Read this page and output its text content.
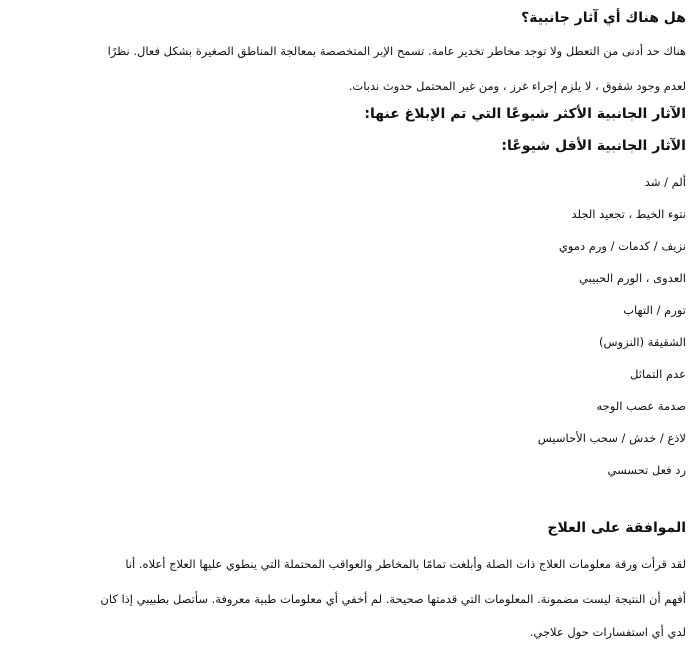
هل هناك أي آثار جانبية؟

هناك حد أدنى من التعطل ولا توجد مخاطر تخدير عامة. تسمح الإبر المتخصصة بمعالجة المناطق الصغيرة بشكل فعال. نظرًا

لعدم وجود شقوق ، لا يلزم إجراء غرز ، ومن غير المحتمل حدوث ندبات.

الآثار الجانبية الأكثر شيوعًا التي تم الإبلاغ عنها:
الآثار الجانبية الأقل شيوعًا:
ألم / شد
نتوء الخيط ، تجعيد الجلد
نزيف / كدمات / ورم دموي
العدوى ، الورم الحبيبي
تورم / التهاب
الشقيقة (النزوس)
عدم التماثل
صدمة عصب الوجه
لاذع / خدش / سحب الأحاسيس
رد فعل تحسسي
الموافقة على العلاج

لقد قرأت ورقة معلومات العلاج ذات الصلة وأبلغت تمامًا بالمخاطر والعواقب المحتملة التي ينطوي عليها العلاج أعلاه. أنا

أفهم أن النتيجة ليست مضمونة. المعلومات التي قدمتها صحيحة. لم أخفي أي معلومات طبية معروفة. سأتصل بطبيبي إذا كان

لدي أي استفسارات حول علاجي.
